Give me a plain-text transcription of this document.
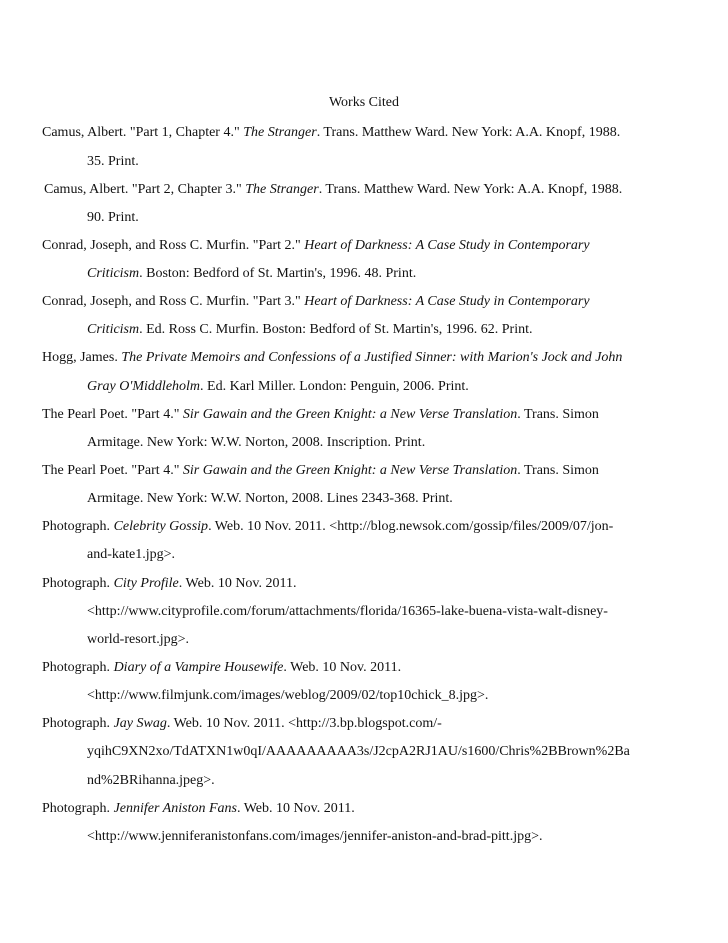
Works Cited
Camus, Albert. "Part 1, Chapter 4." The Stranger. Trans. Matthew Ward. New York: A.A. Knopf, 1988.
35. Print.
Camus, Albert. "Part 2, Chapter 3." The Stranger. Trans. Matthew Ward. New York: A.A. Knopf, 1988.
90. Print.
Conrad, Joseph, and Ross C. Murfin. "Part 2." Heart of Darkness: A Case Study in Contemporary
Criticism. Boston: Bedford of St. Martin's, 1996. 48. Print.
Conrad, Joseph, and Ross C. Murfin. "Part 3." Heart of Darkness: A Case Study in Contemporary
Criticism. Ed. Ross C. Murfin. Boston: Bedford of St. Martin's, 1996. 62. Print.
Hogg, James. The Private Memoirs and Confessions of a Justified Sinner: with Marion's Jock and John
Gray O'Middleholm. Ed. Karl Miller. London: Penguin, 2006. Print.
The Pearl Poet. "Part 4." Sir Gawain and the Green Knight: a New Verse Translation. Trans. Simon
Armitage. New York: W.W. Norton, 2008. Inscription. Print.
The Pearl Poet. "Part 4." Sir Gawain and the Green Knight: a New Verse Translation. Trans. Simon
Armitage. New York: W.W. Norton, 2008. Lines 2343-368. Print.
Photograph. Celebrity Gossip. Web. 10 Nov. 2011. <http://blog.newsok.com/gossip/files/2009/07/jon-
and-kate1.jpg>.
Photograph. City Profile. Web. 10 Nov. 2011.
<http://www.cityprofile.com/forum/attachments/florida/16365-lake-buena-vista-walt-disney-
world-resort.jpg>.
Photograph. Diary of a Vampire Housewife. Web. 10 Nov. 2011.
<http://www.filmjunk.com/images/weblog/2009/02/top10chick_8.jpg>.
Photograph. Jay Swag. Web. 10 Nov. 2011. <http://3.bp.blogspot.com/-
yqihC9XN2xo/TdATXN1w0qI/AAAAAAAAA3s/J2cpA2RJ1AU/s1600/Chris%2BBrown%2Ba
nd%2BRihanna.jpeg>.
Photograph. Jennifer Aniston Fans. Web. 10 Nov. 2011.
<http://www.jenniferanistonfans.com/images/jennifer-aniston-and-brad-pitt.jpg>.
